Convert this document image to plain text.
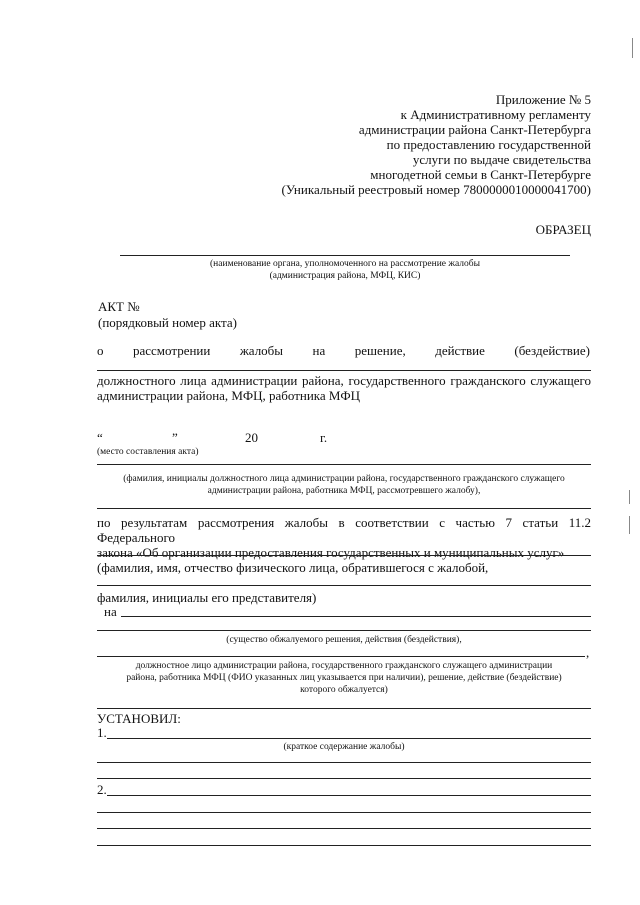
Приложение № 5
к Административному регламенту
администрации района Санкт-Петербурга
по предоставлению государственной
услуги по выдаче свидетельства
многодетной семьи в Санкт-Петербурге
(Уникальный реестровый номер 7800000010000041700)
ОБРАЗЕЦ
(наименование органа, уполномоченного на рассмотрение жалобы
(администрация района, МФЦ, КИС)
АКТ №
(порядковый номер акта)
о рассмотрении жалобы на решение, действие (бездействие)
должностного лица администрации района, государственного гражданского служащего
администрации района, МФЦ, работника МФЦ
“	”	20	г.
(место составления акта)
(фамилия, инициалы должностного лица администрации района, государственного гражданского служащего
администрации района, работника МФЦ, рассмотревшего жалобу),
по результатам рассмотрения жалобы в соответствии с частью 7 статьи 11.2 Федерального
закона «Об организации предоставления государственных и муниципальных услуг»
(фамилия, имя, отчество физического лица, обратившегося с жалобой,
фамилия, инициалы его представителя)
на
(существо обжалуемого решения, действия (бездействия),
,
должностное лицо администрации района, государственного гражданского служащего администрации
района, работника МФЦ (ФИО указанных лиц указывается при наличии), решение, действие (бездействие)
которого обжалуется)
УСТАНОВИЛ:
1.
(краткое содержание жалобы)
2.
